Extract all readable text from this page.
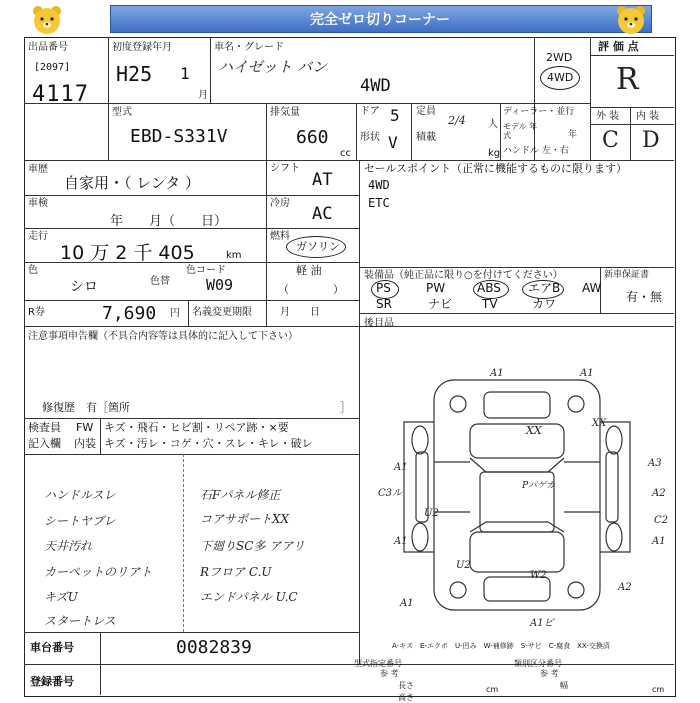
完全ゼロ切りコーナー
出品番号
[2097]
4117
初度登録年月
H25 1
月
車名・グレード
ハイゼット バン
4WD
2WD
4WD
評 価 点
R
型式
EBD-S331V
排気量
660
cc
ドア 5
形状 V
定員
2/4 人
積載
kg
ディーラー・並行
モデル 年式	年
ハンドル 左・右
外 装 内 装
C D
車歴
自家用・（ レンタ ）
シフト
AT
車検
年　　月（　　日）
冷房
AC
走行
10 万 2 千 405	km
燃料
ガソリン
軽 油
（　　　　）
色
シロ	色替
色コード
W09
R券	7,690 円 名義変更期限	月　　日
セールスポイント（正常に機能するものに限ります）
4WD
ETC
装備品（純正品に限り○を付けてください）	新車保証書
有・無
PS	PW	ABS エアB AW
SR	ナビ TV	カワ
後目品
注意事項申告欄（不具合内容等は具体的に記入して下さい）
修復歴　有［箇所	］
検査員
記入欄
FW
内装
キズ・飛石・ヒビ割・リペア跡・×要
キズ・汚レ・コゲ・穴・スレ・キレ・破レ
ハンドルスレ	石Fパネル修正
シートヤブレ	コアサポートXX
天井汚れ	下廻りSC多 アアリ
カーペットのリアト	Rフロア C.U
キズU	エンドパネル U.C
スタートレス
車台番号	0082839
登録番号
A-キズ　E-エクボ　U-凹み　W-補修跡　S-サビ　C-腐食　XX-交換済
型式指定番号	類別区分番号
参 考	参 考
長さ	幅
高さ
cm	cm
A1	A1
XX
XX
A1
C3ル
U2
A1
A3
A2
C2
A1
Pパゲカ
U2
W2
A1
A1ビ
A2
